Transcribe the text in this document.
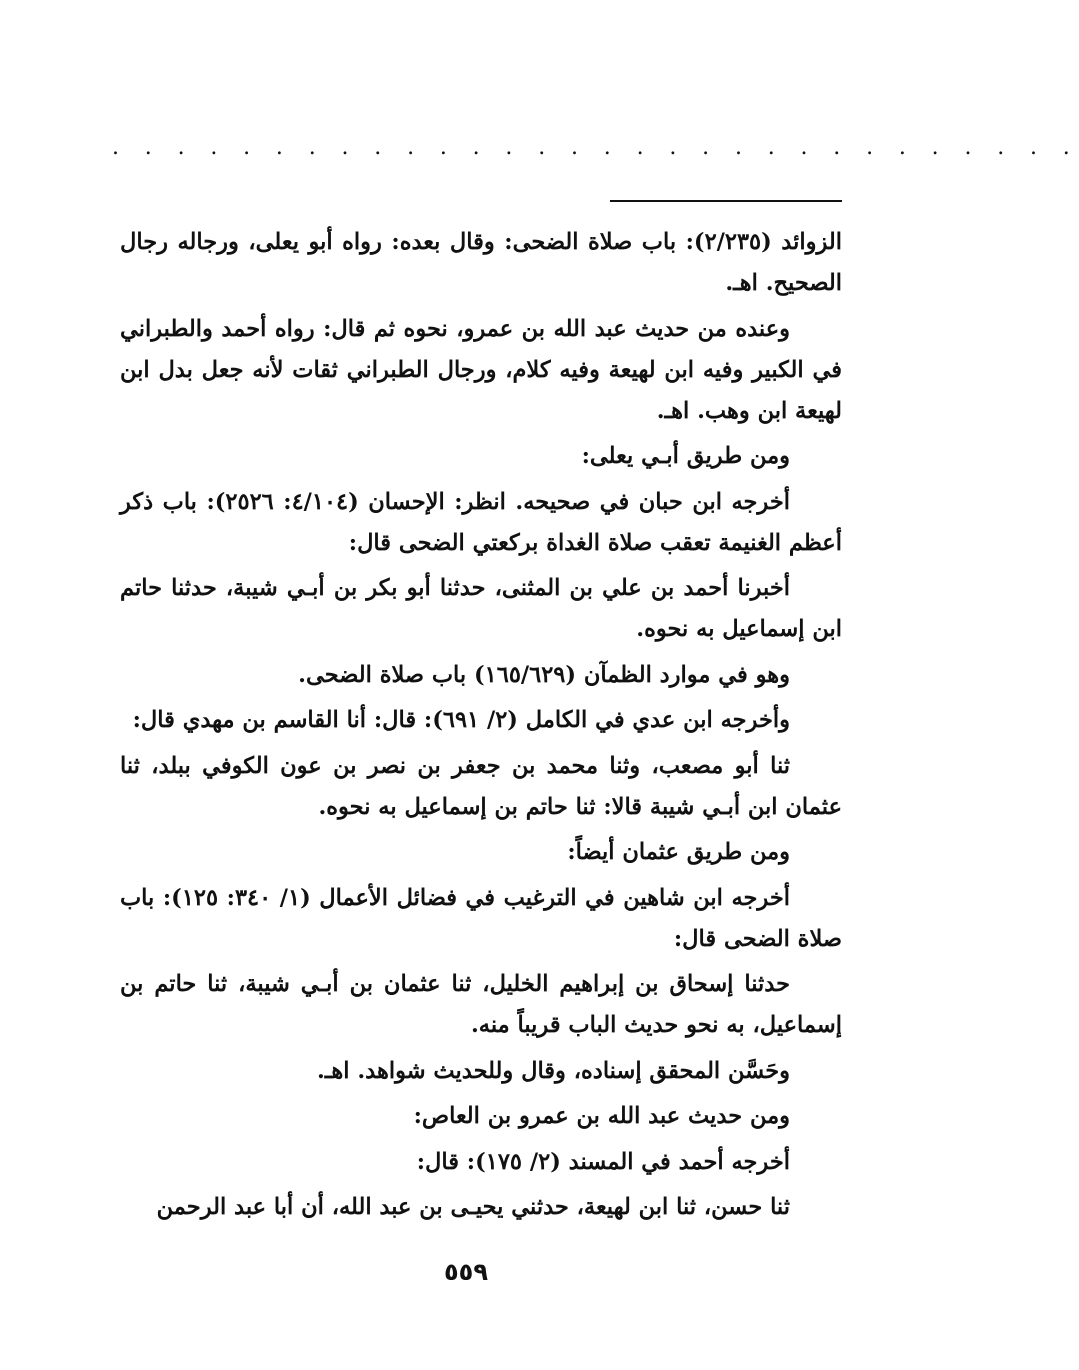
. . . . . . . . . . . . . . . . . . . . . . . . . . . . . .

الزوائد (٢/٢٣٥): باب صلاة الضحى: وقال بعده: رواه أبو يعلى، ورجاله رجال الصحيح. اهـ.

وعنده من حديث عبد الله بن عمرو، نحوه ثم قال: رواه أحمد والطبراني في الكبير وفيه ابن لهيعة وفيه كلام، ورجال الطبراني ثقات لأنه جعل بدل ابن لهيعة ابن وهب. اهـ.

ومن طريق أبـي يعلى:

أخرجه ابن حبان في صحيحه. انظر: الإحسان (٤/١٠٤: ٢٥٢٦): باب ذكر أعظم الغنيمة تعقب صلاة الغداة بركعتي الضحى قال:

أخبرنا أحمد بن علي بن المثنى، حدثنا أبو بكر بن أبـي شيبة، حدثنا حاتم ابن إسماعيل به نحوه.

وهو في موارد الظمآن (١٦٥/٦٢٩) باب صلاة الضحى.

وأخرجه ابن عدي في الكامل (٢/ ٦٩١): قال: أنا القاسم بن مهدي قال:

ثنا أبو مصعب، وثنا محمد بن جعفر بن نصر بن عون الكوفي ببلد، ثنا عثمان ابن أبـي شيبة قالا: ثنا حاتم بن إسماعيل به نحوه.

ومن طريق عثمان أيضاً:

أخرجه ابن شاهين في الترغيب في فضائل الأعمال (١/ ٣٤٠: ١٢٥): باب صلاة الضحى قال:

حدثنا إسحاق بن إبراهيم الخليل، ثنا عثمان بن أبـي شيبة، ثنا حاتم بن إسماعيل، به نحو حديث الباب قريباً منه.

وحَسَّن المحقق إسناده، وقال وللحديث شواهد. اهـ.

ومن حديث عبد الله بن عمرو بن العاص:

أخرجه أحمد في المسند (٢/ ١٧٥): قال:

ثنا حسن، ثنا ابن لهيعة، حدثني يحيـى بن عبد الله، أن أبا عبد الرحمن

٥٥٩
